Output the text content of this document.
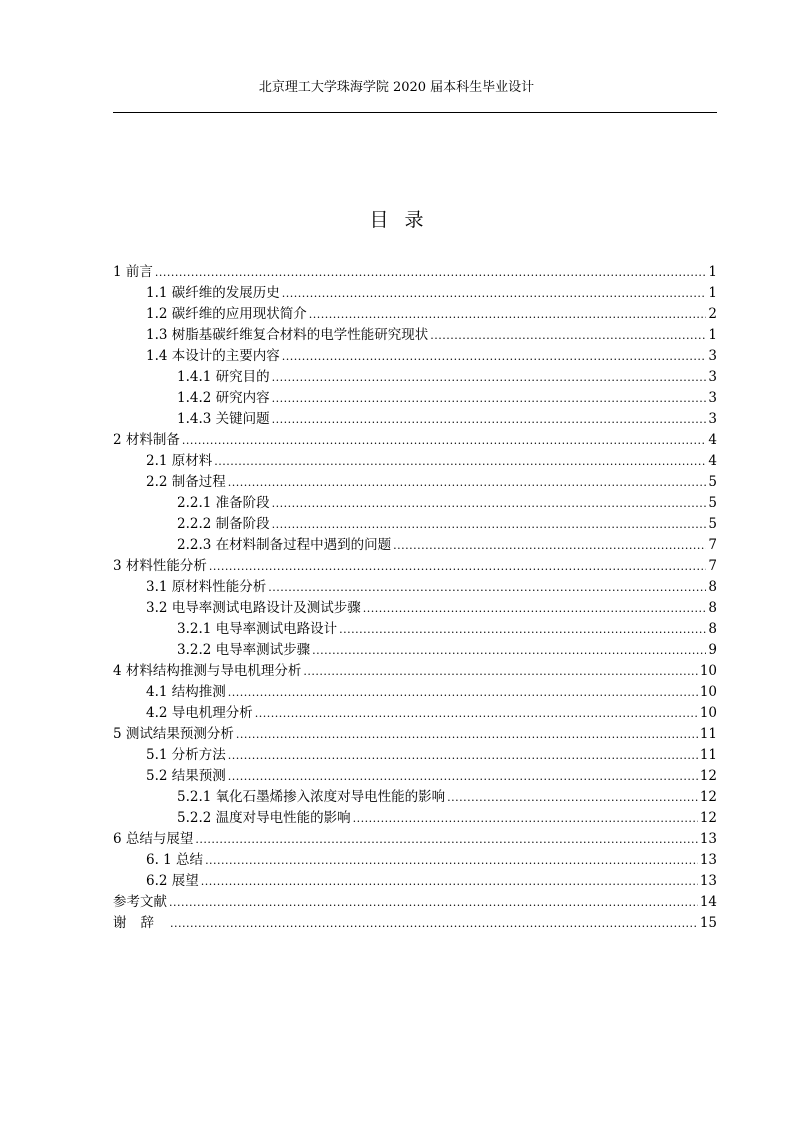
北京理工大学珠海学院 2020 届本科生毕业设计
目录
1 前言 .....	1
1.1 碳纤维的发展历史 .....	1
1.2 碳纤维的应用现状简介 .....	2
1.3 树脂基碳纤维复合材料的电学性能研究现状 .....	1
1.4 本设计的主要内容 .....	3
1.4.1 研究目的 .....	3
1.4.2 研究内容 .....	3
1.4.3 关键问题 .....	3
2 材料制备 .....	4
2.1 原材料 .....	4
2.2 制备过程 .....	5
2.2.1 准备阶段 .....	5
2.2.2 制备阶段 .....	5
2.2.3 在材料制备过程中遇到的问题 .....	7
3 材料性能分析 .....	7
3.1 原材料性能分析 .....	8
3.2 电导率测试电路设计及测试步骤 .....	8
3.2.1 电导率测试电路设计 .....	8
3.2.2 电导率测试步骤 .....	9
4 材料结构推测与导电机理分析 .....	10
4.1 结构推测 .....	10
4.2 导电机理分析 .....	10
5 测试结果预测分析 .....	11
5.1 分析方法 .....	11
5.2 结果预测 .....	12
5.2.1 氧化石墨烯掺入浓度对导电性能的影响 .....	12
5.2.2 温度对导电性能的影响 .....	12
6 总结与展望 .....	13
6. 1 总结 .....	13
6.2 展望 .....	13
参考文献 .....	14
谢辞 .....	15
